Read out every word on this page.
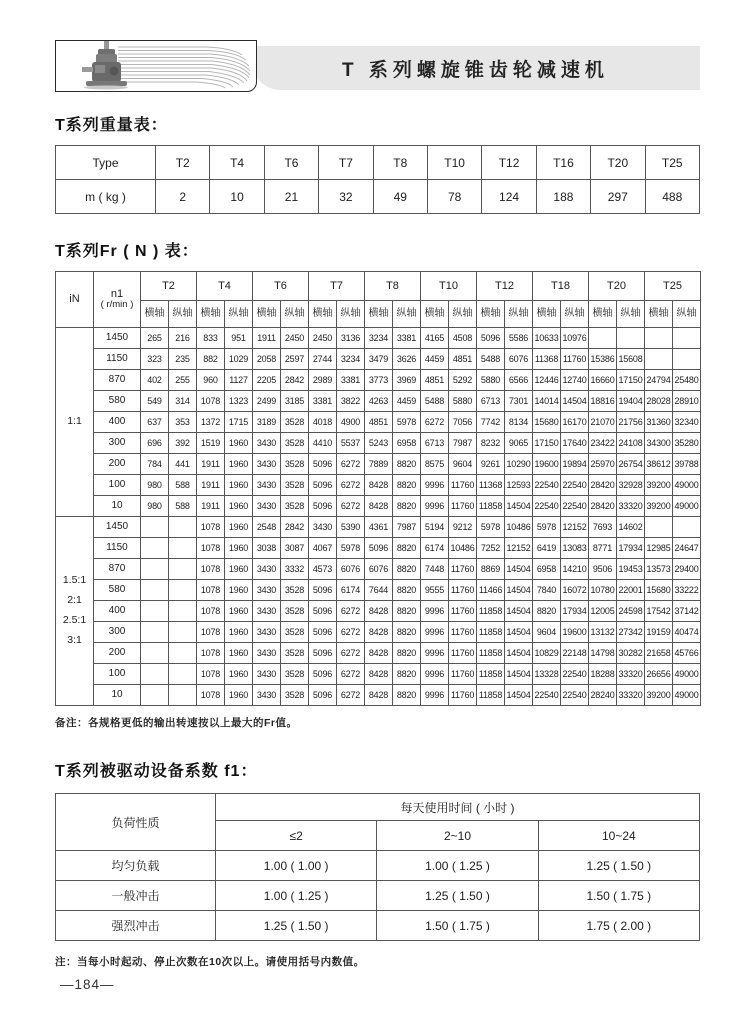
T 系列螺旋锥齿轮减速机
T系列重量表：
Type	T2	T4	T6	T7	T8	T10	T12	T16	T20	T25
m ( kg )	2	10	21	32	49	78	124	188	297	488
T系列Fr ( N ) 表：
iN	n1
( r/min )	T2		T4		T6		T7		T8		T10		T12		T18		T20		T25	
		横轴	纵轴	横轴	纵轴	横轴	纵轴	横轴	纵轴	横轴	纵轴	横轴	纵轴	横轴	纵轴	横轴	纵轴	横轴	纵轴	横轴	纵轴

1:1	1450	265	216	833	951	1911	2450	2450	3136	3234	3381	4165	4508	5096	5586	10633	10976				
	1150	323	235	882	1029	2058	2597	2744	3234	3479	3626	4459	4851	5488	6076	11368	11760	15386	15608		
	870	402	255	960	1127	2205	2842	2989	3381	3773	3969	4851	5292	5880	6566	12446	12740	16660	17150	24794	25480
	580	549	314	1078	1323	2499	3185	3381	3822	4263	4459	5488	5880	6713	7301	14014	14504	18816	19404	28028	28910
	400	637	353	1372	1715	3189	3528	4018	4900	4851	5978	6272	7056	7742	8134	15680	16170	21070	21756	31360	32340
	300	696	392	1519	1960	3430	3528	4410	5537	5243	6958	6713	7987	8232	9065	17150	17640	23422	24108	34300	35280
	200	784	441	1911	1960	3430	3528	5096	6272	7889	8820	8575	9604	9261	10290	19600	19894	25970	26754	38612	39788
	100	980	588	1911	1960	3430	3528	5096	6272	8428	8820	9996	11760	11368	12593	22540	22540	28420	32928	39200	49000
	10	980	588	1911	1960	3430	3528	5096	6272	8428	8820	9996	11760	11858	14504	22540	22540	28420	33320	39200	49000

1.5:1
2:1
2.5:1
3:1	1450			1078	1960	2548	2842	3430	5390	4361	7987	5194	9212	5978	10486	5978	12152	7693	14602		
	1150			1078	1960	3038	3087	4067	5978	5096	8820	6174	10486	7252	12152	6419	13083	8771	17934	12985	24647
	870			1078	1960	3430	3332	4573	6076	6076	8820	7448	11760	8869	14504	6958	14210	9506	19453	13573	29400
	580			1078	1960	3430	3528	5096	6174	7644	8820	9555	11760	11466	14504	7840	16072	10780	22001	15680	33222
	400			1078	1960	3430	3528	5096	6272	8428	8820	9996	11760	11858	14504	8820	17934	12005	24598	17542	37142
	300			1078	1960	3430	3528	5096	6272	8428	8820	9996	11760	11858	14504	9604	19600	13132	27342	19159	40474
	200			1078	1960	3430	3528	5096	6272	8428	8820	9996	11760	11858	14504	10829	22148	14798	30282	21658	45766
	100			1078	1960	3430	3528	5096	6272	8428	8820	9996	11760	11858	14504	13328	22540	18288	33320	26656	49000
	10			1078	1960	3430	3528	5096	6272	8428	8820	9996	11760	11858	14504	22540	22540	28240	33320	39200	49000
备注：各规格更低的输出转速按以上最大的Fr值。
T系列被驱动设备系数 f1：
负荷性质	每天使用时间 ( 小时 )		
	≤2	2~10	10~24
均匀负载	1.00 ( 1.00 )	1.00 ( 1.25 )	1.25 ( 1.50 )
一般冲击	1.00 ( 1.25 )	1.25 ( 1.50 )	1.50 ( 1.75 )
强烈冲击	1.25 ( 1.50 )	1.50 ( 1.75 )	1.75 ( 2.00 )
注：当每小时起动、停止次数在10次以上。请使用括号内数值。
—184—
